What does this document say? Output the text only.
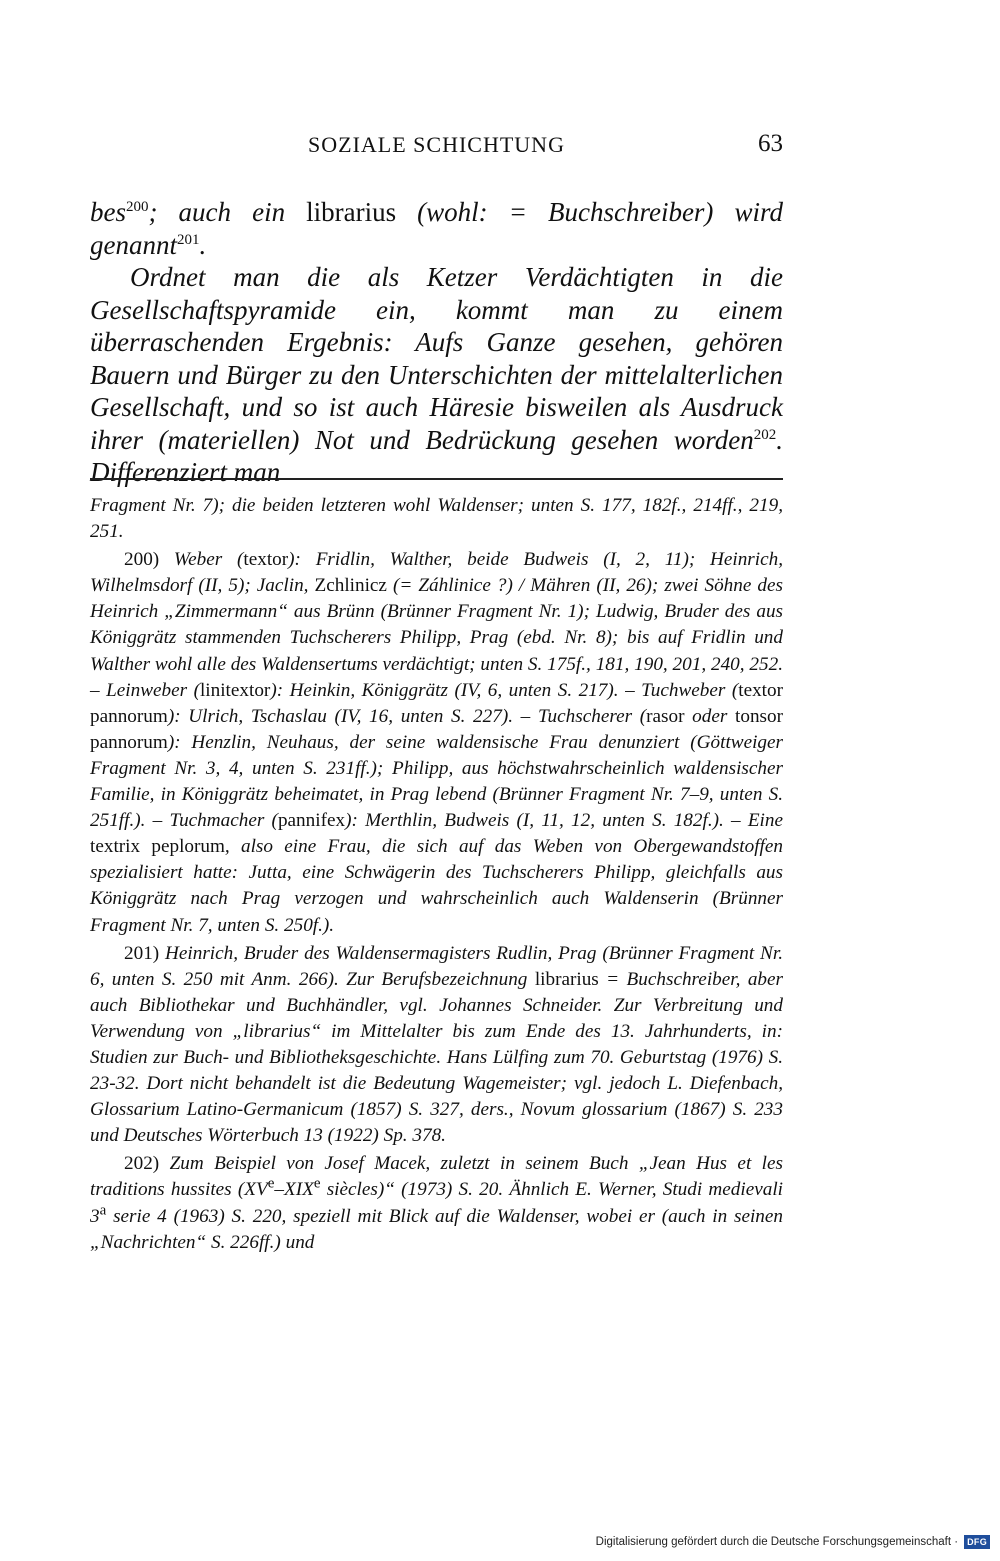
SOZIALE SCHICHTUNG	63

bes$^{200}$; auch ein librarius (wohl: = Buchschreiber) wird genannt$^{201}$.

Ordnet man die als Ketzer Verdächtigten in die Gesellschaftspyramide ein, kommt man zu einem überraschenden Ergebnis: Aufs Ganze gesehen, gehören Bauern und Bürger zu den Unterschichten der mittelalterlichen Gesellschaft, und so ist auch Häresie bisweilen als Ausdruck ihrer (materiellen) Not und Bedrückung gesehen worden$^{202}$. Differenziert man

Fragment Nr. 7); die beiden letzteren wohl Waldenser; unten S. 177, 182f., 214ff., 219, 251.

200) Weber (textor): Fridlin, Walther, beide Budweis (I, 2, 11); Heinrich, Wilhelmsdorf (II, 5); Jaclin, Zchlinicz (= Záhlinice ?) / Mähren (II, 26); zwei Söhne des Heinrich „Zimmermann“ aus Brünn (Brünner Fragment Nr. 1); Ludwig, Bruder des aus Königgrätz stammenden Tuchscherers Philipp, Prag (ebd. Nr. 8); bis auf Fridlin und Walther wohl alle des Waldensertums verdächtigt; unten S. 175f., 181, 190, 201, 240, 252. – Leinweber (linitextor): Heinkin, Königgrätz (IV, 6, unten S. 217). – Tuchweber (textor pannorum): Ulrich, Tschaslau (IV, 16, unten S. 227). – Tuchscherer (rasor oder tonsor pannorum): Henzlin, Neuhaus, der seine waldensische Frau denunziert (Göttweiger Fragment Nr. 3, 4, unten S. 231ff.); Philipp, aus höchstwahrscheinlich waldensischer Familie, in Königgrätz beheimatet, in Prag lebend (Brünner Fragment Nr. 7–9, unten S. 251ff.). – Tuchmacher (pannifex): Merthlin, Budweis (I, 11, 12, unten S. 182f.). – Eine textrix peplorum, also eine Frau, die sich auf das Weben von Obergewandstoffen spezialisiert hatte: Jutta, eine Schwägerin des Tuchscherers Philipp, gleichfalls aus Königgrätz nach Prag verzogen und wahrscheinlich auch Waldenserin (Brünner Fragment Nr. 7, unten S. 250f.).

201) Heinrich, Bruder des Waldensermagisters Rudlin, Prag (Brünner Fragment Nr. 6, unten S. 250 mit Anm. 266). Zur Berufsbezeichnung librarius = Buchschreiber, aber auch Bibliothekar und Buchhändler, vgl. Johannes Schneider. Zur Verbreitung und Verwendung von „librarius“ im Mittelalter bis zum Ende des 13. Jahrhunderts, in: Studien zur Buch- und Bibliotheksgeschichte. Hans Lülfing zum 70. Geburtstag (1976) S. 23-32. Dort nicht behandelt ist die Bedeutung Wagemeister; vgl. jedoch L. Diefenbach, Glossarium Latino-Germanicum (1857) S. 327, ders., Novum glossarium (1867) S. 233 und Deutsches Wörterbuch 13 (1922) Sp. 378.

202) Zum Beispiel von Josef Macek, zuletzt in seinem Buch „Jean Hus et les traditions hussites (XVe–XIXe siècles)“ (1973) S. 20. Ähnlich E. Werner, Studi medievali 3$^a$ serie 4 (1963) S. 220, speziell mit Blick auf die Waldenser, wobei er (auch in seinen „Nachrichten“ S. 226ff.) und

Digitalisierung gefördert durch die Deutsche Forschungsgemeinschaft ·	DFG
